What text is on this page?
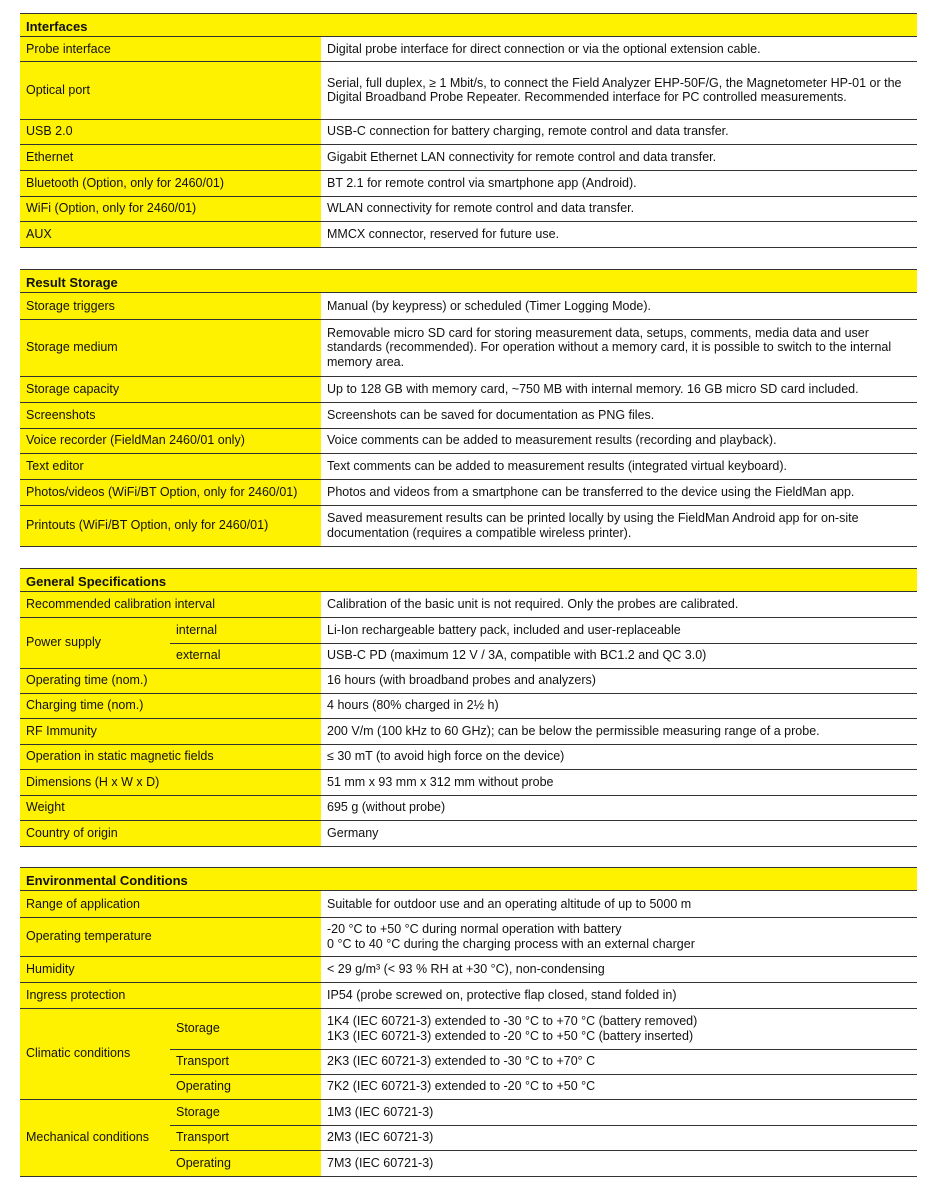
Interfaces
Probe interface	Digital probe interface for direct connection or via the optional extension cable.
Optical port	Serial, full duplex, ≥ 1 Mbit/s, to connect the Field Analyzer EHP-50F/G, the Magnetometer HP-01 or the Digital Broadband Probe Repeater. Recommended interface for PC controlled measurements.
USB 2.0	USB-C connection for battery charging, remote control and data transfer.
Ethernet	Gigabit Ethernet LAN connectivity for remote control and data transfer.
Bluetooth (Option, only for 2460/01)	BT 2.1 for remote control via smartphone app (Android).
WiFi (Option, only for 2460/01)	WLAN connectivity for remote control and data transfer.
AUX	MMCX connector, reserved for future use.
Result Storage
Storage triggers	Manual (by keypress) or scheduled (Timer Logging Mode).
Storage medium	Removable micro SD card for storing measurement data, setups, comments, media data and user standards (recommended). For operation without a memory card, it is possible to switch to the internal memory area.
Storage capacity	Up to 128 GB with memory card, ~750 MB with internal memory. 16 GB micro SD card included.
Screenshots	Screenshots can be saved for documentation as PNG files.
Voice recorder (FieldMan 2460/01 only)	Voice comments can be added to measurement results (recording and playback).
Text editor	Text comments can be added to measurement results (integrated virtual keyboard).
Photos/videos (WiFi/BT Option, only for 2460/01)	Photos and videos from a smartphone can be transferred to the device using the FieldMan app.
Printouts (WiFi/BT Option, only for 2460/01)	Saved measurement results can be printed locally by using the FieldMan Android app for on-site documentation (requires a compatible wireless printer).
General Specifications
Recommended calibration interval		Calibration of the basic unit is not required. Only the probes are calibrated.
Power supply	internal	Li-Ion rechargeable battery pack, included and user-replaceable
	external	USB-C PD (maximum 12 V / 3A, compatible with BC1.2 and QC 3.0)
Operating time (nom.)		16 hours (with broadband probes and analyzers)
Charging time (nom.)		4 hours (80% charged in 2½ h)
RF Immunity		200 V/m (100 kHz to 60 GHz); can be below the permissible measuring range of a probe.
Operation in static magnetic fields		≤ 30 mT (to avoid high force on the device)
Dimensions (H x W x D)		51 mm x 93 mm x 312 mm without probe
Weight		695 g (without probe)
Country of origin		Germany
Environmental Conditions
Range of application		Suitable for outdoor use and an operating altitude of up to 5000 m
Operating temperature		-20 °C to +50 °C during normal operation with battery
0 °C to 40 °C during the charging process with an external charger
Humidity		< 29 g/m³ (< 93 % RH at +30 °C), non-condensing
Ingress protection		IP54 (probe screwed on, protective flap closed, stand folded in)
Climatic conditions	Storage	1K4 (IEC 60721-3) extended to -30 °C to +70 °C (battery removed)
1K3 (IEC 60721-3) extended to -20 °C to +50 °C (battery inserted)
	Transport	2K3 (IEC 60721-3) extended to -30 °C to +70° C
	Operating	7K2 (IEC 60721-3) extended to -20 °C to +50 °C
Mechanical conditions	Storage	1M3 (IEC 60721-3)
	Transport	2M3 (IEC 60721-3)
	Operating	7M3 (IEC 60721-3)
